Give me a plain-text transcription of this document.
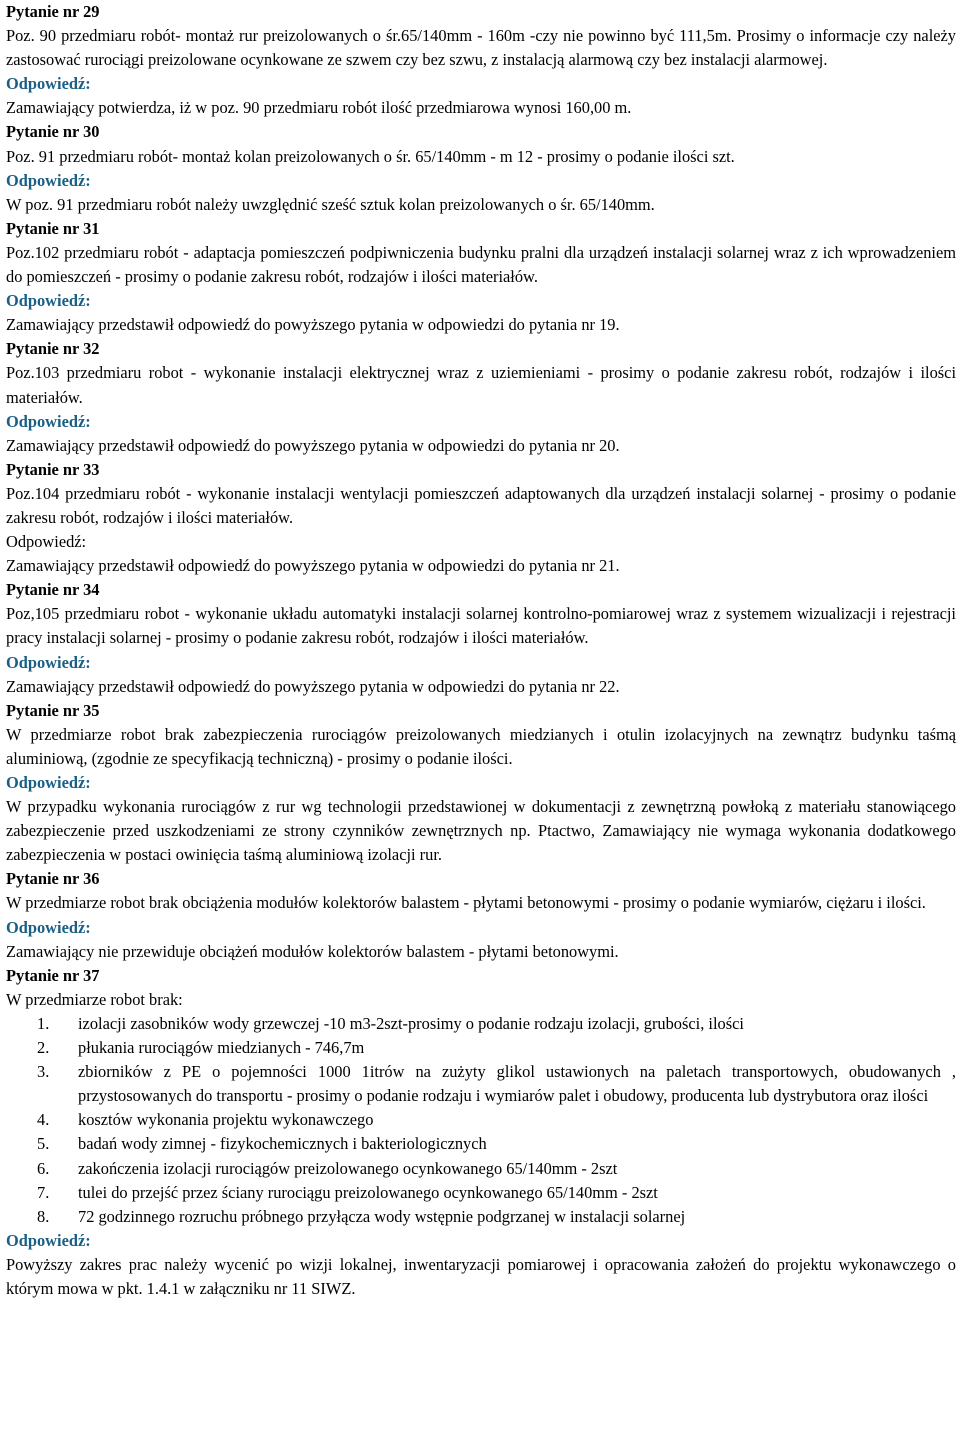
Pytanie nr 29

Poz. 90 przedmiaru robót- montaż rur preizolowanych o śr.65/140mm - 160m -czy nie powinno być 111,5m. Prosimy o informacje czy należy zastosować rurociągi preizolowane ocynkowane ze szwem czy bez szwu, z instalacją alarmową czy bez instalacji alarmowej.

Odpowiedź:

Zamawiający potwierdza, iż w poz. 90 przedmiaru robót ilość przedmiarowa wynosi 160,00 m.

Pytanie nr 30

Poz. 91 przedmiaru robót- montaż kolan preizolowanych o śr. 65/140mm - m 12 - prosimy o podanie ilości szt.

Odpowiedź:

W poz. 91 przedmiaru robót należy uwzględnić sześć sztuk kolan preizolowanych o śr. 65/140mm.

Pytanie nr 31

Poz.102 przedmiaru robót - adaptacja pomieszczeń podpiwniczenia budynku pralni dla urządzeń instalacji solarnej wraz z ich wprowadzeniem do pomieszczeń - prosimy o podanie zakresu robót, rodzajów i ilości materiałów.

Odpowiedź:

Zamawiający przedstawił odpowiedź do powyższego pytania w odpowiedzi do pytania nr 19.

Pytanie nr 32

Poz.103 przedmiaru robot - wykonanie instalacji elektrycznej wraz z uziemieniami - prosimy o podanie zakresu robót, rodzajów i ilości materiałów.

Odpowiedź:

Zamawiający przedstawił odpowiedź do powyższego pytania w odpowiedzi do pytania nr 20.

Pytanie nr 33

Poz.104 przedmiaru robót - wykonanie instalacji wentylacji pomieszczeń adaptowanych dla urządzeń instalacji solarnej - prosimy o podanie zakresu robót, rodzajów i ilości materiałów.

Odpowiedź:

Zamawiający przedstawił odpowiedź do powyższego pytania w odpowiedzi do pytania nr 21.

Pytanie nr 34

Poz,105 przedmiaru robot - wykonanie układu automatyki instalacji solarnej kontrolno-pomiarowej wraz z systemem wizualizacji i rejestracji pracy instalacji solarnej - prosimy o podanie zakresu robót, rodzajów i ilości materiałów.

Odpowiedź:

Zamawiający przedstawił odpowiedź do powyższego pytania w odpowiedzi do pytania nr 22.

Pytanie nr 35

W przedmiarze robot brak zabezpieczenia rurociągów preizolowanych miedzianych i otulin izolacyjnych na zewnątrz budynku taśmą aluminiową, (zgodnie ze specyfikacją techniczną) - prosimy o podanie ilości.

Odpowiedź:

W przypadku wykonania rurociągów z rur wg technologii przedstawionej w dokumentacji z zewnętrzną powłoką z materiału stanowiącego zabezpieczenie przed uszkodzeniami ze strony czynników zewnętrznych np. Ptactwo, Zamawiający nie wymaga wykonania dodatkowego zabezpieczenia w postaci owinięcia taśmą aluminiową izolacji rur.

Pytanie nr 36

W przedmiarze robot brak obciążenia modułów kolektorów balastem - płytami betonowymi - prosimy o podanie wymiarów, ciężaru i ilości.

Odpowiedź:

Zamawiający nie przewiduje obciążeń modułów kolektorów balastem - płytami betonowymi.

Pytanie nr 37

W przedmiarze robot brak:

1. izolacji zasobników wody grzewczej -10 m3-2szt-prosimy o podanie rodzaju izolacji, grubości, ilości
2. płukania rurociągów miedzianych - 746,7m
3. zbiorników z PE o pojemności 1000 1itrów na zużyty glikol ustawionych na paletach transportowych, obudowanych , przystosowanych do transportu - prosimy o podanie rodzaju i wymiarów palet i obudowy, producenta lub dystrybutora oraz ilości
4. kosztów wykonania projektu wykonawczego
5. badań wody zimnej - fizykochemicznych i bakteriologicznych
6. zakończenia izolacji rurociągów preizolowanego ocynkowanego 65/140mm - 2szt
7. tulei do przejść przez ściany rurociągu preizolowanego ocynkowanego 65/140mm - 2szt
8. 72 godzinnego rozruchu próbnego przyłącza wody wstępnie podgrzanej w instalacji solarnej

Odpowiedź:

Powyższy zakres prac należy wycenić po wizji lokalnej, inwentaryzacji pomiarowej i opracowania założeń do projektu wykonawczego o którym mowa w pkt. 1.4.1 w załączniku nr 11 SIWZ.
